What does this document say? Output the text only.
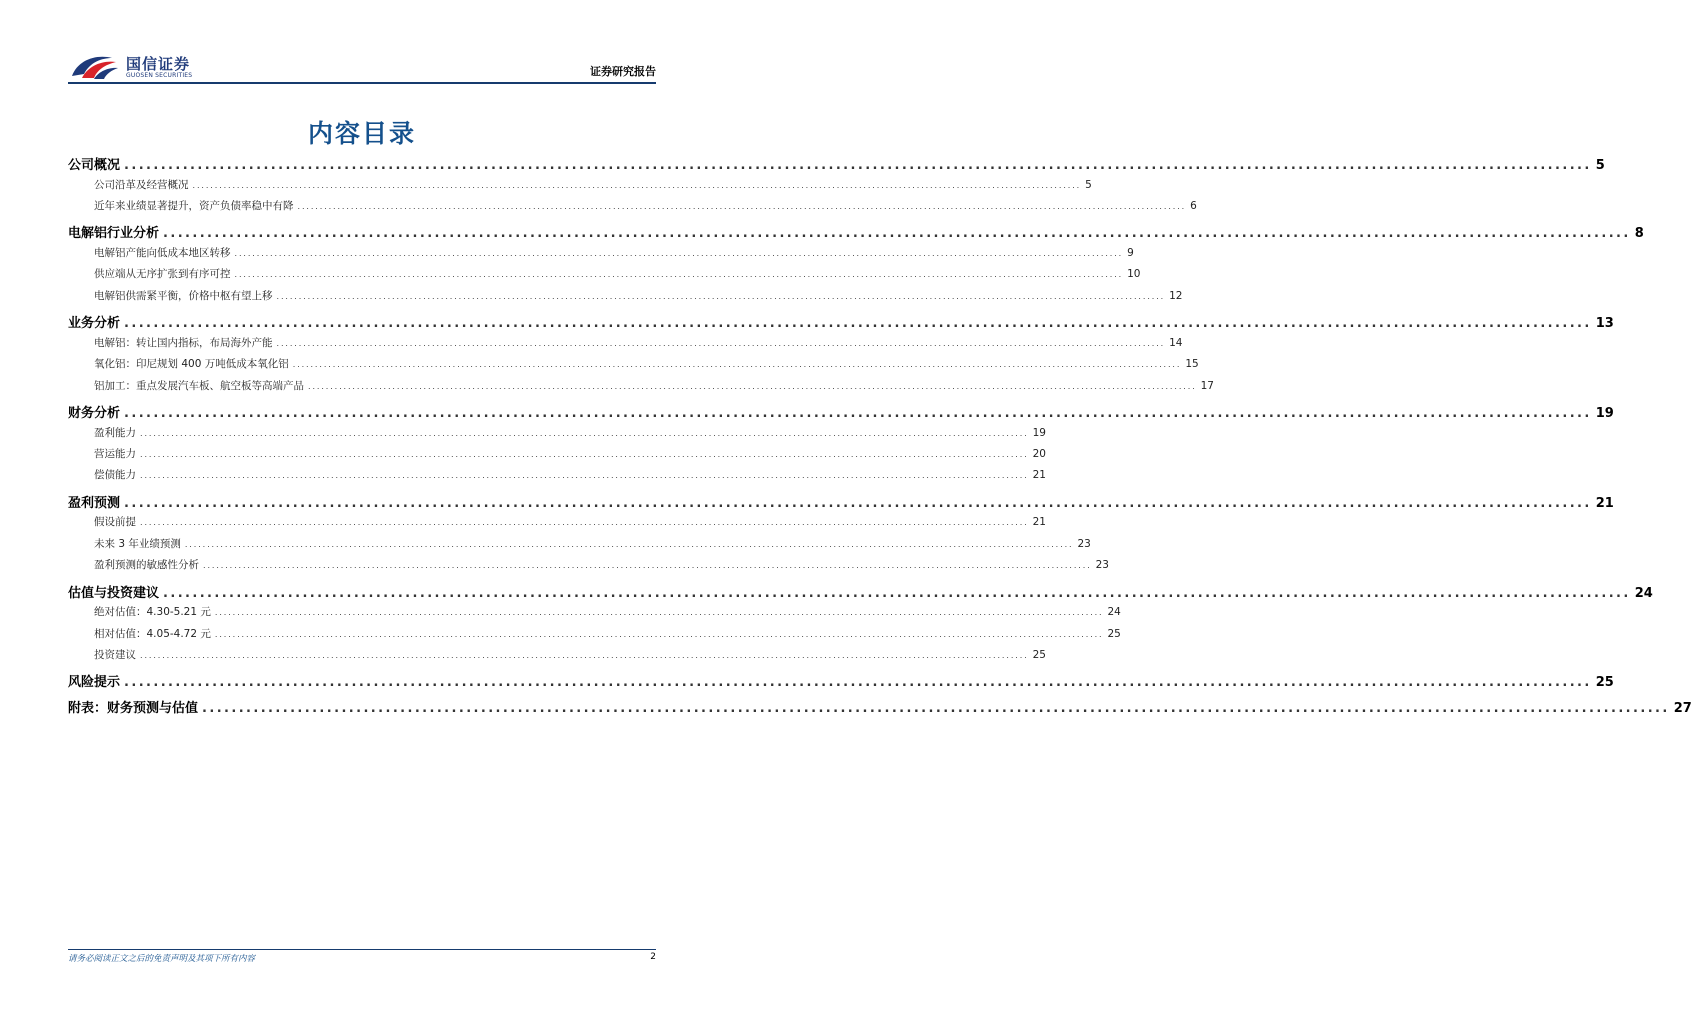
国信证券
GUOSEN SECURITIES	证券研究报告
内容目录
公司概况 ........................................................................................................................................................................................................ 5
公司沿革及经营概况 ........................................................................................................................................................................................................ 5
近年来业绩显著提升，资产负债率稳中有降 ........................................................................................................................................................................................................ 6
电解铝行业分析 ........................................................................................................................................................................................................ 8
电解铝产能向低成本地区转移 ........................................................................................................................................................................................................ 9
供应端从无序扩张到有序可控 ........................................................................................................................................................................................................ 10
电解铝供需紧平衡，价格中枢有望上移 ........................................................................................................................................................................................................ 12
业务分析 ........................................................................................................................................................................................................ 13
电解铝：转让国内指标，布局海外产能 ........................................................................................................................................................................................................ 14
氧化铝：印尼规划 400 万吨低成本氧化铝 ........................................................................................................................................................................................................ 15
铝加工：重点发展汽车板、航空板等高端产品 ........................................................................................................................................................................................................ 17
财务分析 ........................................................................................................................................................................................................ 19
盈利能力 ........................................................................................................................................................................................................ 19
营运能力 ........................................................................................................................................................................................................ 20
偿债能力 ........................................................................................................................................................................................................ 21
盈利预测 ........................................................................................................................................................................................................ 21
假设前提 ........................................................................................................................................................................................................ 21
未来 3 年业绩预测 ........................................................................................................................................................................................................ 23
盈利预测的敏感性分析 ........................................................................................................................................................................................................ 23
估值与投资建议 ........................................................................................................................................................................................................ 24
绝对估值：4.30-5.21 元 ........................................................................................................................................................................................................ 24
相对估值：4.05-4.72 元 ........................................................................................................................................................................................................ 25
投资建议 ........................................................................................................................................................................................................ 25
风险提示 ........................................................................................................................................................................................................ 25
附表：财务预测与估值 ........................................................................................................................................................................................................ 27
请务必阅读正文之后的免责声明及其项下所有内容	2
